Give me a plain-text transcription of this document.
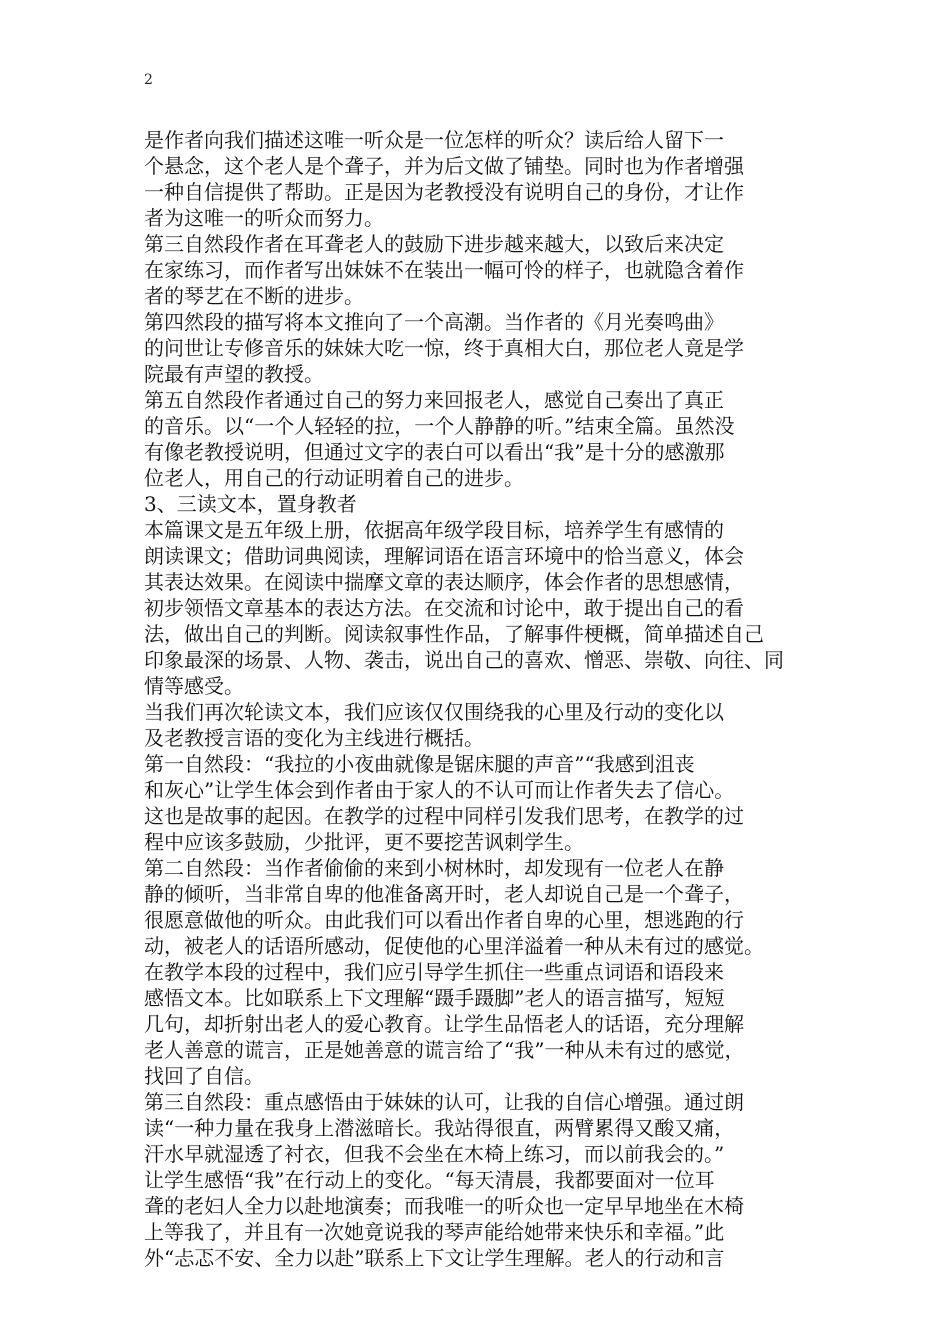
2
是作者向我们描述这唯一听众是一位怎样的听众？读后给人留下一
个悬念，这个老人是个聋子，并为后文做了铺垫。同时也为作者增强
一种自信提供了帮助。正是因为老教授没有说明自己的身份，才让作
者为这唯一的听众而努力。
第三自然段作者在耳聋老人的鼓励下进步越来越大，以致后来决定
在家练习，而作者写出妹妹不在装出一幅可怜的样子，也就隐含着作
者的琴艺在不断的进步。
第四然段的描写将本文推向了一个高潮。当作者的《月光奏鸣曲》
的问世让专修音乐的妹妹大吃一惊，终于真相大白，那位老人竟是学
院最有声望的教授。
第五自然段作者通过自己的努力来回报老人，感觉自己奏出了真正
的音乐。以“一个人轻轻的拉，一个人静静的听。”结束全篇。虽然没
有像老教授说明，但通过文字的表白可以看出“我”是十分的感激那
位老人，用自己的行动证明着自己的进步。
3、三读文本，置身教者
本篇课文是五年级上册，依据高年级学段目标，培养学生有感情的
朗读课文；借助词典阅读，理解词语在语言环境中的恰当意义，体会
其表达效果。在阅读中揣摩文章的表达顺序，体会作者的思想感情，
初步领悟文章基本的表达方法。在交流和讨论中，敢于提出自己的看
法，做出自己的判断。阅读叙事性作品，了解事件梗概，简单描述自己
印象最深的场景、人物、袭击，说出自己的喜欢、憎恶、崇敬、向往、同
情等感受。
当我们再次轮读文本，我们应该仅仅围绕我的心里及行动的变化以
及老教授言语的变化为主线进行概括。
第一自然段：“我拉的小夜曲就像是锯床腿的声音”“我感到沮丧
和灰心”让学生体会到作者由于家人的不认可而让作者失去了信心。
这也是故事的起因。在教学的过程中同样引发我们思考，在教学的过
程中应该多鼓励，少批评，更不要挖苦讽刺学生。
第二自然段：当作者偷偷的来到小树林时，却发现有一位老人在静
静的倾听，当非常自卑的他准备离开时，老人却说自己是一个聋子，
很愿意做他的听众。由此我们可以看出作者自卑的心里，想逃跑的行
动，被老人的话语所感动，促使他的心里洋溢着一种从未有过的感觉。
在教学本段的过程中，我们应引导学生抓住一些重点词语和语段来
感悟文本。比如联系上下文理解“蹑手蹑脚”老人的语言描写，短短
几句，却折射出老人的爱心教育。让学生品悟老人的话语，充分理解
老人善意的谎言，正是她善意的谎言给了“我”一种从未有过的感觉，
找回了自信。
第三自然段：重点感悟由于妹妹的认可，让我的自信心增强。通过朗
读“一种力量在我身上潜滋暗长。我站得很直，两臂累得又酸又痛，
汗水早就湿透了衬衣，但我不会坐在木椅上练习，而以前我会的。”
让学生感悟“我”在行动上的变化。“每天清晨，我都要面对一位耳
聋的老妇人全力以赴地演奏；而我唯一的听众也一定早早地坐在木椅
上等我了，并且有一次她竟说我的琴声能给她带来快乐和幸福。”此
外“忐忑不安、全力以赴”联系上下文让学生理解。老人的行动和言
